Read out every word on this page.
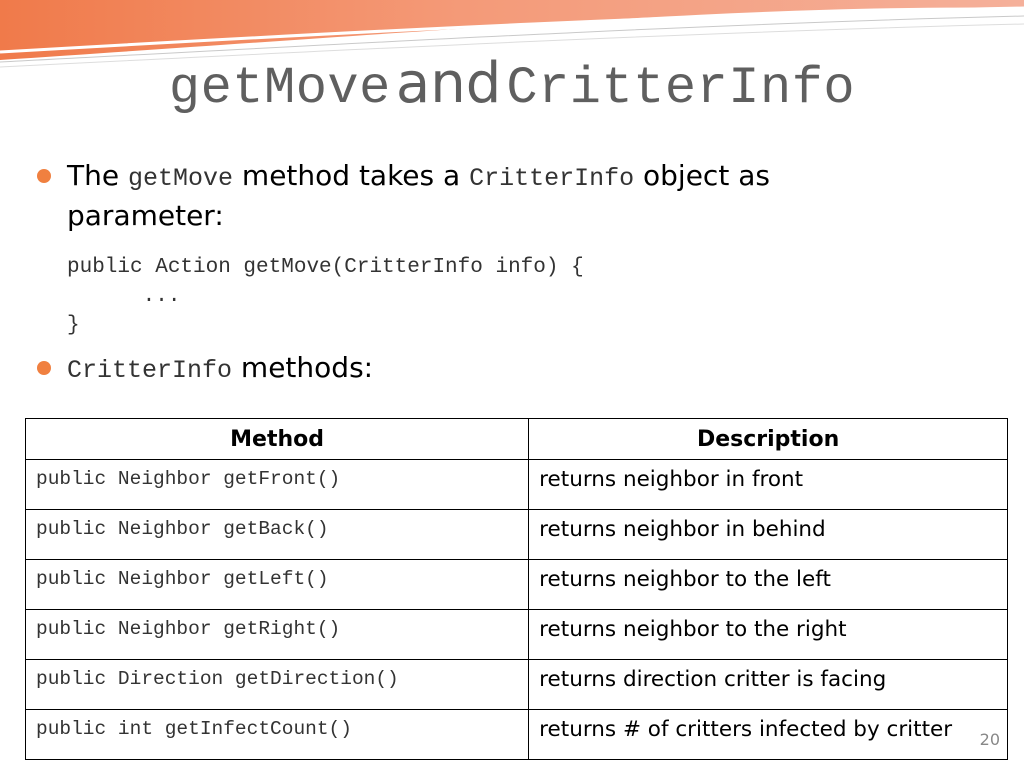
getMove and CritterInfo
The getMove method takes a CritterInfo object as
parameter:
public Action getMove(CritterInfo info) {
...
}
CritterInfo methods:
Method	Description
public Neighbor getFront()	returns neighbor in front
public Neighbor getBack()	returns neighbor in behind
public Neighbor getLeft()	returns neighbor to the left
public Neighbor getRight()	returns neighbor to the right
public Direction getDirection()	returns direction critter is facing
public int getInfectCount()	returns # of critters infected by critter 20
